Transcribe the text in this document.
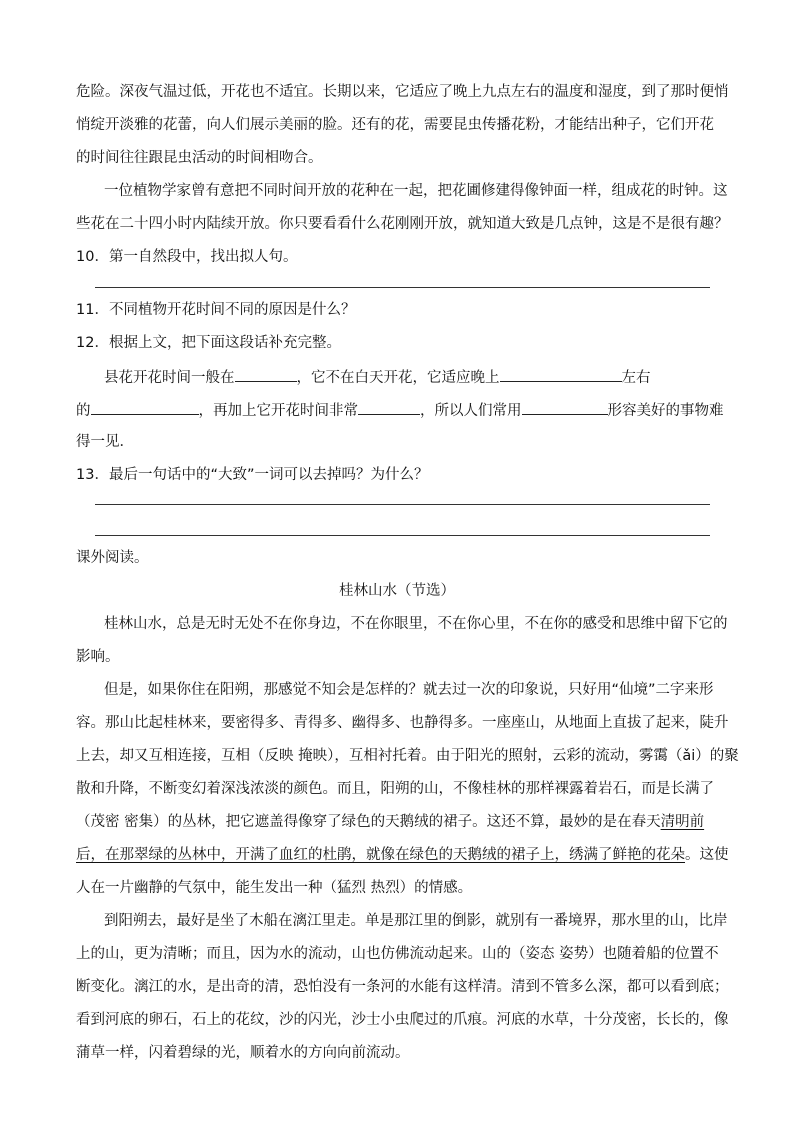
危险。深夜气温过低，开花也不适宜。长期以来，它适应了晚上九点左右的温度和湿度，到了那时便悄
悄绽开淡雅的花蕾，向人们展示美丽的脸。还有的花，需要昆虫传播花粉，才能结出种子，它们开花
的时间往往跟昆虫活动的时间相吻合。
一位植物学家曾有意把不同时间开放的花种在一起，把花圃修建得像钟面一样，组成花的时钟。这
些花在二十四小时内陆续开放。你只要看看什么花刚刚开放，就知道大致是几点钟，这是不是很有趣？
10．第一自然段中，找出拟人句。
11．不同植物开花时间不同的原因是什么？
12．根据上文，把下面这段话补充完整。
县花开花时间一般在	，它不在白天开花，它适应晚上	左右
的	，再加上它开花时间非常	，所以人们常用	形容美好的事物难
得一见．
13．最后一句话中的“大致”一词可以去掉吗？为什么？
课外阅读。
桂林山水（节选）
桂林山水，总是无时无处不在你身边，不在你眼里，不在你心里，不在你的感受和思维中留下它的
影响。
但是，如果你住在阳朔，那感觉不知会是怎样的？就去过一次的印象说，只好用“仙境”二字来形
容。那山比起桂林来，要密得多、青得多、幽得多、也静得多。一座座山，从地面上直拔了起来，陡升
上去，却又互相连接，互相（反映 掩映），互相衬托着。由于阳光的照射，云彩的流动，雾霭（ǎi）的聚
散和升降，不断变幻着深浅浓淡的颜色。而且，阳朔的山，不像桂林的那样裸露着岩石，而是长满了
（茂密 密集）的丛林，把它遮盖得像穿了绿色的天鹅绒的裙子。这还不算，最妙的是在春天清明前
后，在那翠绿的丛林中，开满了血红的杜鹃，就像在绿色的天鹅绒的裙子上，绣满了鲜艳的花朵。这使
人在一片幽静的气氛中，能生发出一种（猛烈 热烈）的情感。
到阳朔去，最好是坐了木船在漓江里走。单是那江里的倒影，就别有一番境界，那水里的山，比岸
上的山，更为清晰；而且，因为水的流动，山也仿佛流动起来。山的（姿态 姿势）也随着船的位置不
断变化。漓江的水，是出奇的清，恐怕没有一条河的水能有这样清。清到不管多么深，都可以看到底；
看到河底的卵石，石上的花纹，沙的闪光，沙士小虫爬过的爪痕。河底的水草，十分茂密，长长的，像
蒲草一样，闪着碧绿的光，顺着水的方向向前流动。
